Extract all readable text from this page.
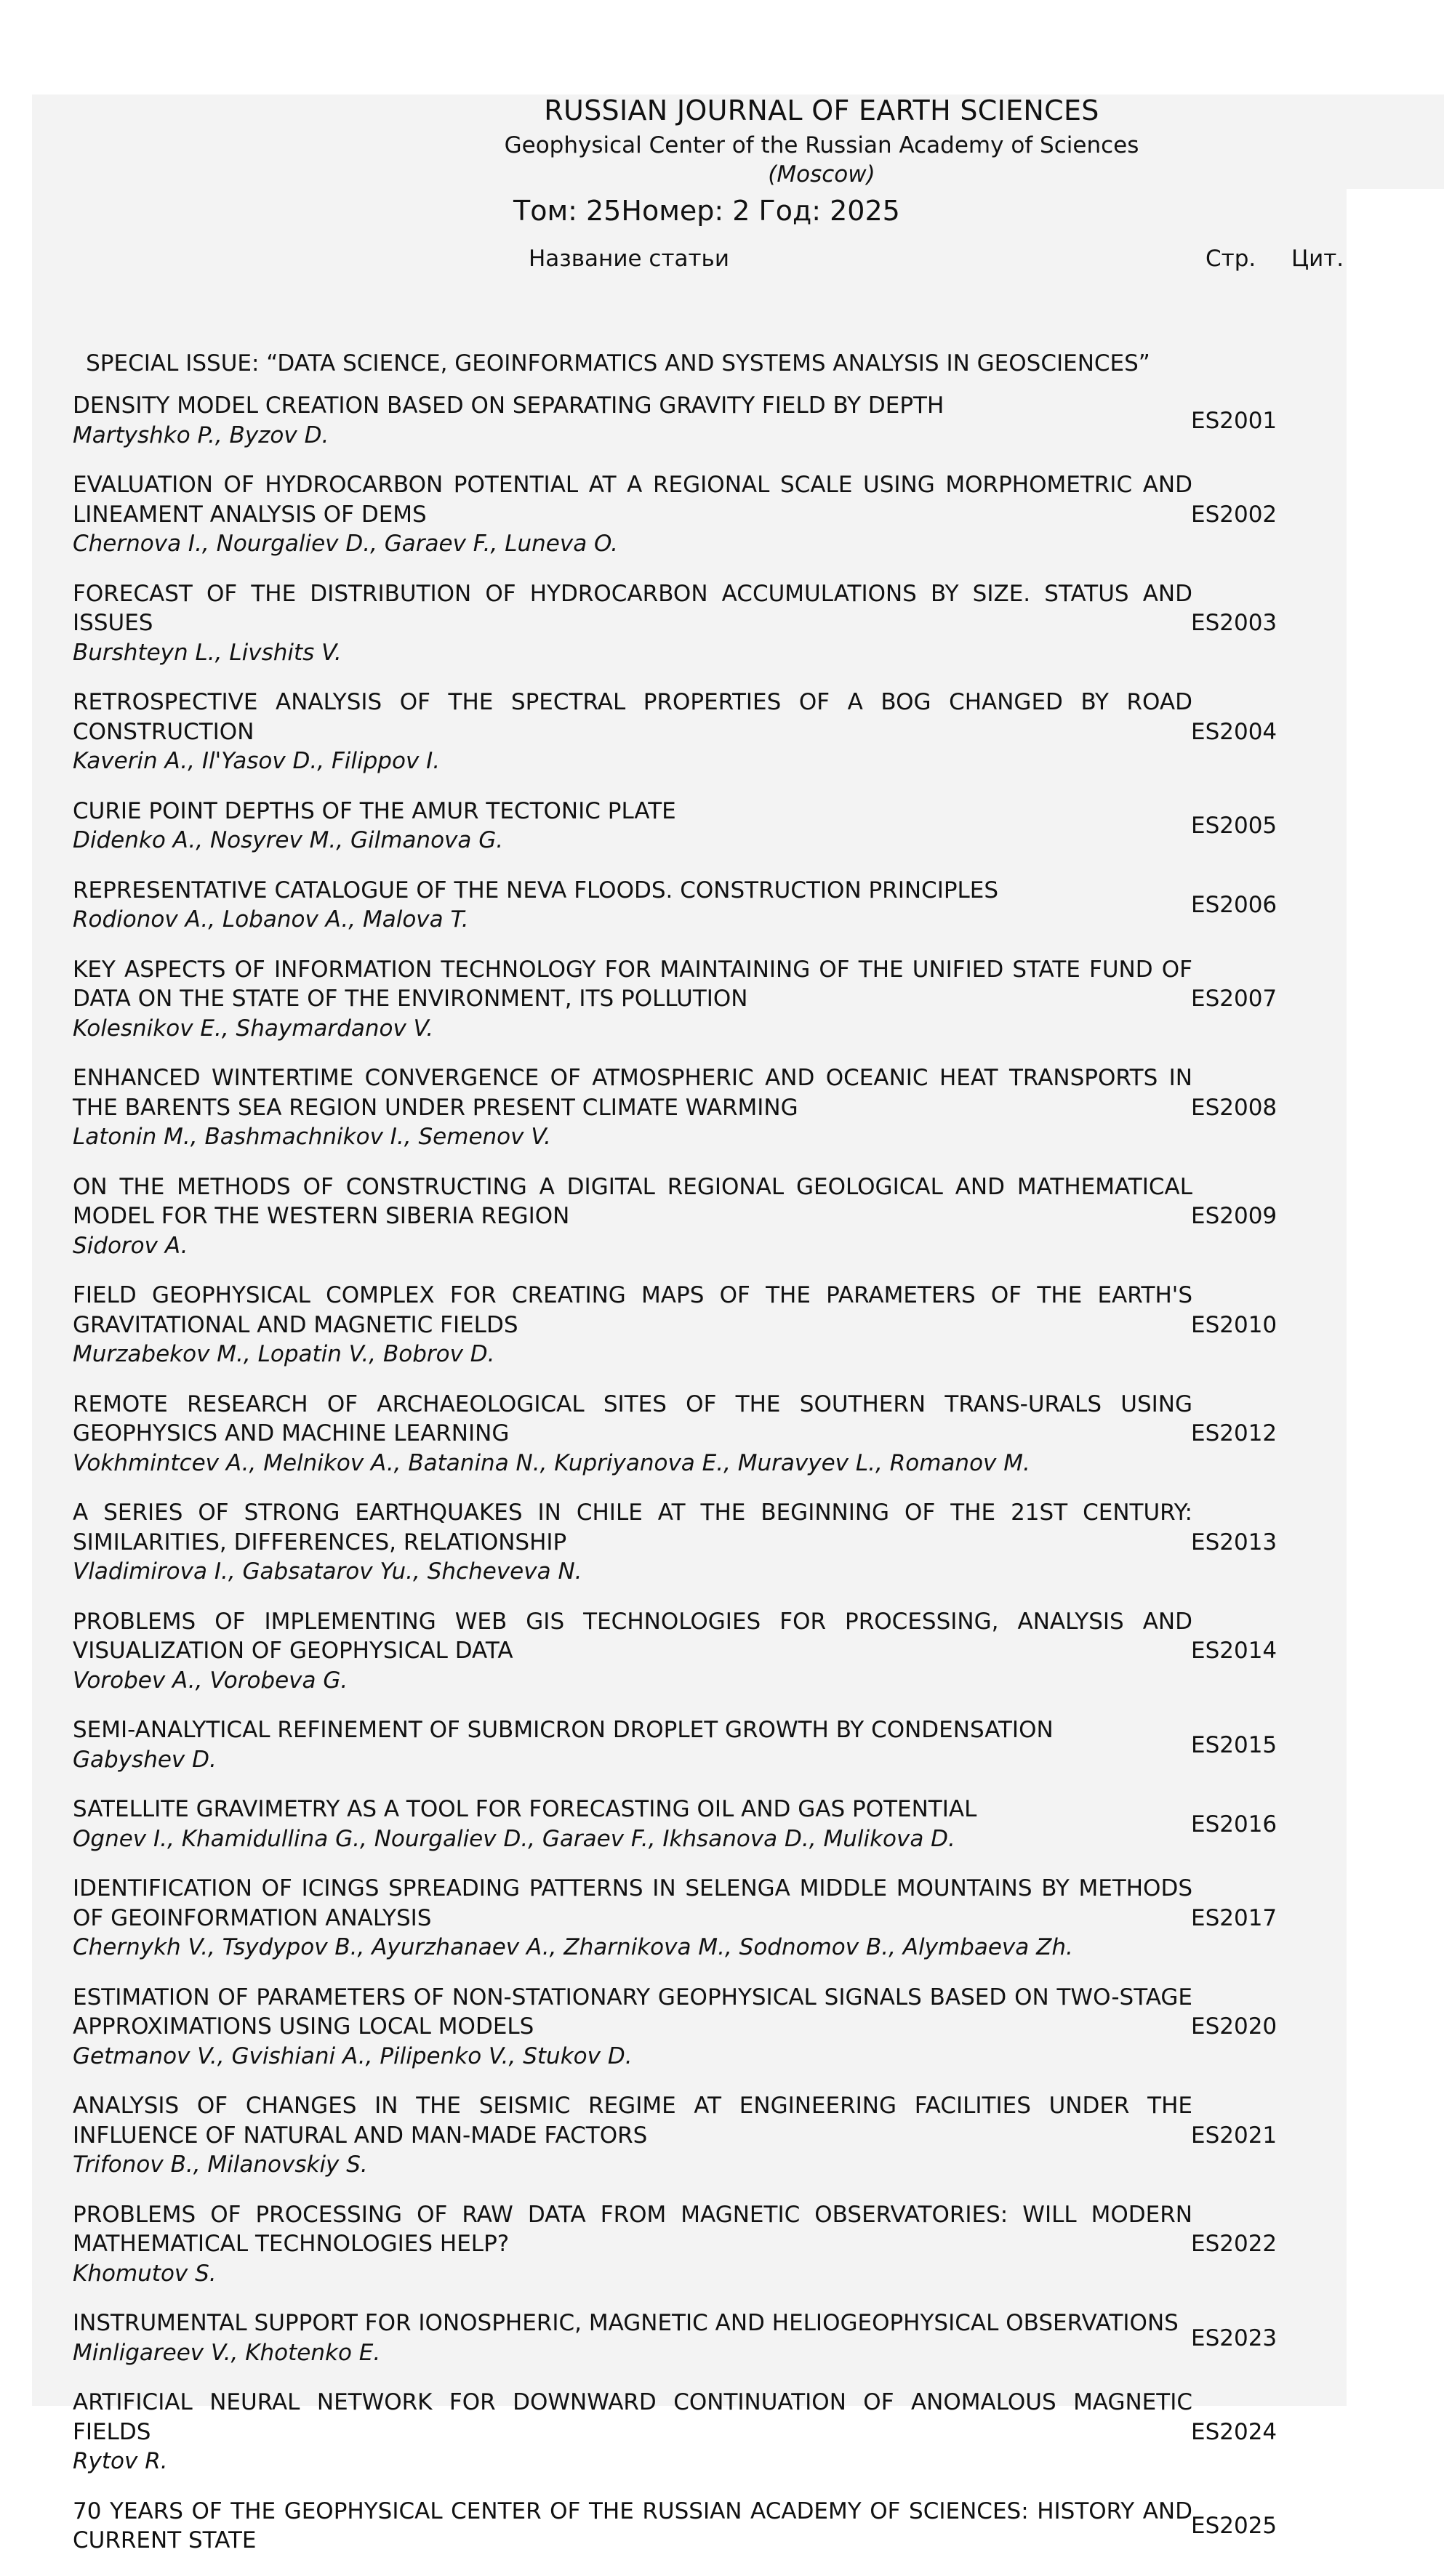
RUSSIAN JOURNAL OF EARTH SCIENCES
Geophysical Center of the Russian Academy of Sciences
(Moscow)
Том: 25Номер: 2 Год: 2025
Название статьи	Стр. Цит.
SPECIAL ISSUE: “DATA SCIENCE, GEOINFORMATICS AND SYSTEMS ANALYSIS IN GEOSCIENCES”
DENSITY MODEL CREATION BASED ON SEPARATING GRAVITY FIELD BY DEPTH
Martyshko P., Byzov D.
ES2001
EVALUATION OF HYDROCARBON POTENTIAL AT A REGIONAL SCALE USING MORPHOMETRIC AND LINEAMENT ANALYSIS OF DEMS
Chernova I., Nourgaliev D., Garaev F., Luneva O.
ES2002
FORECAST OF THE DISTRIBUTION OF HYDROCARBON ACCUMULATIONS BY SIZE. STATUS AND ISSUES
Burshteyn L., Livshits V.
ES2003
RETROSPECTIVE ANALYSIS OF THE SPECTRAL PROPERTIES OF A BOG CHANGED BY ROAD CONSTRUCTION
Kaverin A., Il'Yasov D., Filippov I.
ES2004
CURIE POINT DEPTHS OF THE AMUR TECTONIC PLATE
Didenko A., Nosyrev M., Gilmanova G.
ES2005
REPRESENTATIVE CATALOGUE OF THE NEVA FLOODS. CONSTRUCTION PRINCIPLES
Rodionov A., Lobanov A., Malova T.
ES2006
KEY ASPECTS OF INFORMATION TECHNOLOGY FOR MAINTAINING OF THE UNIFIED STATE FUND OF DATA ON THE STATE OF THE ENVIRONMENT, ITS POLLUTION
Kolesnikov E., Shaymardanov V.
ES2007
ENHANCED WINTERTIME CONVERGENCE OF ATMOSPHERIC AND OCEANIC HEAT TRANSPORTS IN THE BARENTS SEA REGION UNDER PRESENT CLIMATE WARMING
Latonin M., Bashmachnikov I., Semenov V.
ES2008
ON THE METHODS OF CONSTRUCTING A DIGITAL REGIONAL GEOLOGICAL AND MATHEMATICAL MODEL FOR THE WESTERN SIBERIA REGION
Sidorov A.
ES2009
FIELD GEOPHYSICAL COMPLEX FOR CREATING MAPS OF THE PARAMETERS OF THE EARTH'S GRAVITATIONAL AND MAGNETIC FIELDS
Murzabekov M., Lopatin V., Bobrov D.
ES2010
REMOTE RESEARCH OF ARCHAEOLOGICAL SITES OF THE SOUTHERN TRANS-URALS USING GEOPHYSICS AND MACHINE LEARNING
Vokhmintcev A., Melnikov A., Batanina N., Kupriyanova E., Muravyev L., Romanov M.
ES2012
A SERIES OF STRONG EARTHQUAKES IN CHILE AT THE BEGINNING OF THE 21ST CENTURY: SIMILARITIES, DIFFERENCES, RELATIONSHIP
Vladimirova I., Gabsatarov Yu., Shcheveva N.
ES2013
PROBLEMS OF IMPLEMENTING WEB GIS TECHNOLOGIES FOR PROCESSING, ANALYSIS AND VISUALIZATION OF GEOPHYSICAL DATA
Vorobev A., Vorobeva G.
ES2014
SEMI-ANALYTICAL REFINEMENT OF SUBMICRON DROPLET GROWTH BY CONDENSATION
Gabyshev D.
ES2015
SATELLITE GRAVIMETRY AS A TOOL FOR FORECASTING OIL AND GAS POTENTIAL
Ognev I., Khamidullina G., Nourgaliev D., Garaev F., Ikhsanova D., Mulikova D.
ES2016
IDENTIFICATION OF ICINGS SPREADING PATTERNS IN SELENGA MIDDLE MOUNTAINS BY METHODS OF GEOINFORMATION ANALYSIS
Chernykh V., Tsydypov B., Ayurzhanaev A., Zharnikova M., Sodnomov B., Alymbaeva Zh.
ES2017
ESTIMATION OF PARAMETERS OF NON-STATIONARY GEOPHYSICAL SIGNALS BASED ON TWO-STAGE APPROXIMATIONS USING LOCAL MODELS
Getmanov V., Gvishiani A., Pilipenko V., Stukov D.
ES2020
ANALYSIS OF CHANGES IN THE SEISMIC REGIME AT ENGINEERING FACILITIES UNDER THE INFLUENCE OF NATURAL AND MAN-MADE FACTORS
Trifonov B., Milanovskiy S.
ES2021
PROBLEMS OF PROCESSING OF RAW DATA FROM MAGNETIC OBSERVATORIES: WILL MODERN MATHEMATICAL TECHNOLOGIES HELP?
Khomutov S.
ES2022
INSTRUMENTAL SUPPORT FOR IONOSPHERIC, MAGNETIC AND HELIOGEOPHYSICAL OBSERVATIONS
Minligareev V., Khotenko E.
ES2023
ARTIFICIAL NEURAL NETWORK FOR DOWNWARD CONTINUATION OF ANOMALOUS MAGNETIC FIELDS
Rytov R.
ES2024
70 YEARS OF THE GEOPHYSICAL CENTER OF THE RUSSIAN ACADEMY OF SCIENCES: HISTORY AND CURRENT STATE
ES2025
